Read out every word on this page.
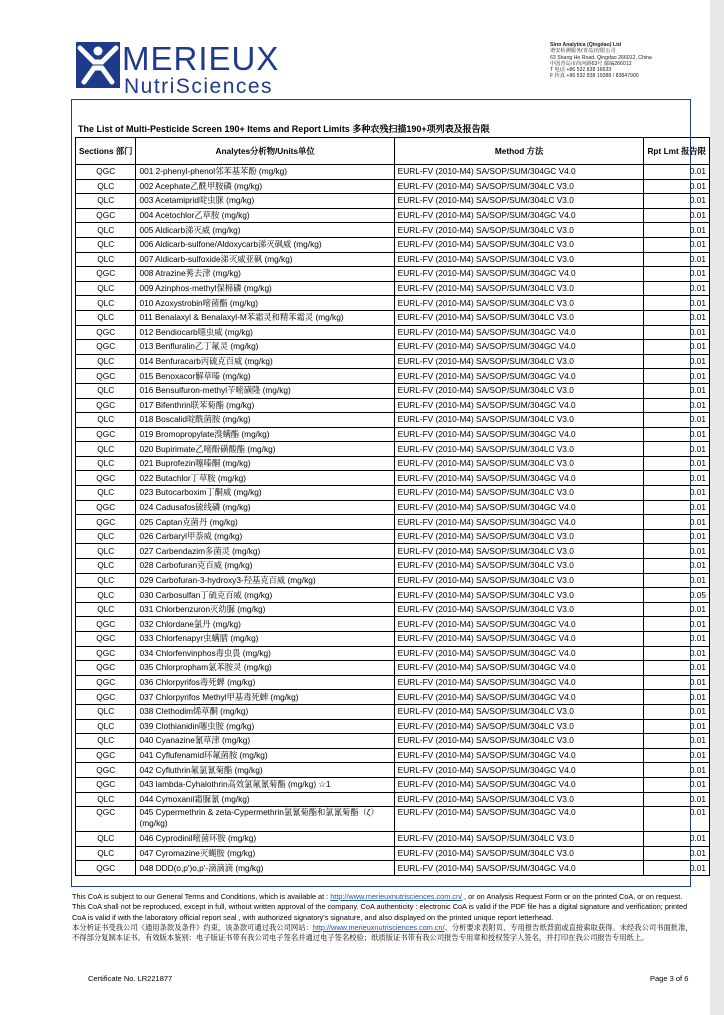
MERIEUX
NutriSciences
Sino Analytica (Qingdao) Ltd
谱安检测服务(青岛)有限公司
63 Shang He Road, Qingdao 266012, China
中国青岛市尚河路63号 邮编266012
T 电话 +86 532 838 16633
F 传真 +86 532 838 19388 / 83847900
The List of Multi-Pesticide Screen 190+ Items and Report Limits 多种农残扫描190+项列表及报告限
Sections 部门	Analytes分析物/Units单位	Method 方法	Rpt Lmt 报告限
QGC	001 2-phenyl-phenol邻苯基苯酚 (mg/kg)	EURL-FV (2010-M4) SA/SOP/SUM/304GC V4.0	0.01
QLC	002 Acephate乙酰甲胺磷 (mg/kg)	EURL-FV (2010-M4) SA/SOP/SUM/304LC V3.0	0.01
QLC	003 Acetamiprid啶虫脒 (mg/kg)	EURL-FV (2010-M4) SA/SOP/SUM/304LC V3.0	0.01
QGC	004 Acetochlor乙草胺 (mg/kg)	EURL-FV (2010-M4) SA/SOP/SUM/304GC V4.0	0.01
QLC	005 Aldicarb涕灭威 (mg/kg)	EURL-FV (2010-M4) SA/SOP/SUM/304LC V3.0	0.01
QLC	006 Aldicarb-sulfone/Aldoxycarb涕灭砜威 (mg/kg)	EURL-FV (2010-M4) SA/SOP/SUM/304LC V3.0	0.01
QLC	007 Aldicarb-sulfoxide涕灭威亚砜 (mg/kg)	EURL-FV (2010-M4) SA/SOP/SUM/304LC V3.0	0.01
QGC	008 Atrazine莠去津 (mg/kg)	EURL-FV (2010-M4) SA/SOP/SUM/304GC V4.0	0.01
QLC	009 Azinphos-methyl保棉磷 (mg/kg)	EURL-FV (2010-M4) SA/SOP/SUM/304LC V3.0	0.01
QLC	010 Azoxystrobin嘧菌酯 (mg/kg)	EURL-FV (2010-M4) SA/SOP/SUM/304LC V3.0	0.01
QLC	011 Benalaxyl & Benalaxyl-M苯霜灵和精苯霜灵 (mg/kg)	EURL-FV (2010-M4) SA/SOP/SUM/304LC V3.0	0.01
QGC	012 Bendiocarb噁虫威 (mg/kg)	EURL-FV (2010-M4) SA/SOP/SUM/304GC V4.0	0.01
QGC	013 Benfluralin乙丁氟灵 (mg/kg)	EURL-FV (2010-M4) SA/SOP/SUM/304GC V4.0	0.01
QLC	014 Benfuracarb丙硫克百威 (mg/kg)	EURL-FV (2010-M4) SA/SOP/SUM/304LC V3.0	0.01
QGC	015 Benoxacor解草嗪 (mg/kg)	EURL-FV (2010-M4) SA/SOP/SUM/304GC V4.0	0.01
QLC	016 Bensulfuron-methyl苄嘧磺隆 (mg/kg)	EURL-FV (2010-M4) SA/SOP/SUM/304LC V3.0	0.01
QGC	017 Bifenthrin联苯菊酯 (mg/kg)	EURL-FV (2010-M4) SA/SOP/SUM/304GC V4.0	0.01
QLC	018 Boscalid啶酰菌胺 (mg/kg)	EURL-FV (2010-M4) SA/SOP/SUM/304LC V3.0	0.01
QGC	019 Bromopropylate溴螨酯 (mg/kg)	EURL-FV (2010-M4) SA/SOP/SUM/304GC V4.0	0.01
QLC	020 Bupirimate乙嘧酚磺酸酯 (mg/kg)	EURL-FV (2010-M4) SA/SOP/SUM/304LC V3.0	0.01
QLC	021 Buprofezin噻嗪酮 (mg/kg)	EURL-FV (2010-M4) SA/SOP/SUM/304LC V3.0	0.01
QGC	022 Butachlor丁草胺 (mg/kg)	EURL-FV (2010-M4) SA/SOP/SUM/304GC V4.0	0.01
QLC	023 Butocarboxim丁酮威 (mg/kg)	EURL-FV (2010-M4) SA/SOP/SUM/304LC V3.0	0.01
QGC	024 Cadusafos硫线磷 (mg/kg)	EURL-FV (2010-M4) SA/SOP/SUM/304GC V4.0	0.01
QGC	025 Captan克菌丹 (mg/kg)	EURL-FV (2010-M4) SA/SOP/SUM/304GC V4.0	0.01
QLC	026 Carbaryl甲萘威 (mg/kg)	EURL-FV (2010-M4) SA/SOP/SUM/304LC V3.0	0.01
QLC	027 Carbendazim多菌灵 (mg/kg)	EURL-FV (2010-M4) SA/SOP/SUM/304LC V3.0	0.01
QLC	028 Carbofuran克百威 (mg/kg)	EURL-FV (2010-M4) SA/SOP/SUM/304LC V3.0	0.01
QLC	029 Carbofuran-3-hydroxy3-羟基克百威 (mg/kg)	EURL-FV (2010-M4) SA/SOP/SUM/304LC V3.0	0.01
QLC	030 Carbosulfan丁硫克百威 (mg/kg)	EURL-FV (2010-M4) SA/SOP/SUM/304LC V3.0	0.05
QLC	031 Chlorbenzuron灭幼脲 (mg/kg)	EURL-FV (2010-M4) SA/SOP/SUM/304LC V3.0	0.01
QGC	032 Chlordane氯丹 (mg/kg)	EURL-FV (2010-M4) SA/SOP/SUM/304GC V4.0	0.01
QGC	033 Chlorfenapyr虫螨腈 (mg/kg)	EURL-FV (2010-M4) SA/SOP/SUM/304GC V4.0	0.01
QGC	034 Chlorfenvinphos毒虫畏 (mg/kg)	EURL-FV (2010-M4) SA/SOP/SUM/304GC V4.0	0.01
QGC	035 Chlorpropham氯苯胺灵 (mg/kg)	EURL-FV (2010-M4) SA/SOP/SUM/304GC V4.0	0.01
QGC	036 Chlorpyrifos毒死蜱 (mg/kg)	EURL-FV (2010-M4) SA/SOP/SUM/304GC V4.0	0.01
QGC	037 Chlorpyrifos Methyl甲基毒死蜱 (mg/kg)	EURL-FV (2010-M4) SA/SOP/SUM/304GC V4.0	0.01
QLC	038 Clethodim烯草酮 (mg/kg)	EURL-FV (2010-M4) SA/SOP/SUM/304LC V3.0	0.01
QLC	039 Clothianidin噻虫胺 (mg/kg)	EURL-FV (2010-M4) SA/SOP/SUM/304LC V3.0	0.01
QLC	040 Cyanazine氰草津 (mg/kg)	EURL-FV (2010-M4) SA/SOP/SUM/304LC V3.0	0.01
QGC	041 Cyflufenamid环氟菌胺 (mg/kg)	EURL-FV (2010-M4) SA/SOP/SUM/304GC V4.0	0.01
QGC	042 Cyfluthrin氟氯氰菊酯 (mg/kg)	EURL-FV (2010-M4) SA/SOP/SUM/304GC V4.0	0.01
QGC	043 lambda-Cyhalothrin高效氯氟氰菊酯 (mg/kg) ☆1	EURL-FV (2010-M4) SA/SOP/SUM/304GC V4.0	0.01
QLC	044 Cymoxanil霜脲氰 (mg/kg)	EURL-FV (2010-M4) SA/SOP/SUM/304LC V3.0	0.01
QGC	045 Cypermethrin & zeta-Cypermethrin氯氰菊酯和氯氰菊酯（ζ）(mg/kg)	EURL-FV (2010-M4) SA/SOP/SUM/304GC V4.0	0.01
QLC	046 Cyprodinil嘧菌环胺 (mg/kg)	EURL-FV (2010-M4) SA/SOP/SUM/304LC V3.0	0.01
QLC	047 Cyromazine灭蝇胺 (mg/kg)	EURL-FV (2010-M4) SA/SOP/SUM/304LC V3.0	0.01
QGC	048 DDD(o,p')o,p'-滴滴滴 (mg/kg)	EURL-FV (2010-M4) SA/SOP/SUM/304GC V4.0	0.01
This CoA is subject to our General Terms and Conditions, which is available at : http://www.merieuxnutrisciences.com.cn/ , or on Analysis Request Form or on the printed CoA, or on request. This CoA shall not be reproduced, except in full, without written approval of the company. CoA authenticity : electronic CoA is valid if the PDF file has a digital signature and verification; printed CoA is valid if with the laboratory official report seal , with authorized signatory's signature, and also displayed on the printed unique report letterhead.
本分析证书受我公司《通用条款及条件》约束，该条款可通过我公司网站：http://www.merieuxnutrisciences.com.cn/、分析要求表附页、专用报告纸背面或直接索取获得。未经我公司书面批准，不得部分复制本证书。有效版本鉴别：电子版证书带有我公司电子签名并通过电子签名校验；纸质版证书带有我公司报告专用章和授权签字人签名，并打印在我公司报告专用纸上。
Certificate No. LR221877	Page 3 of 6
